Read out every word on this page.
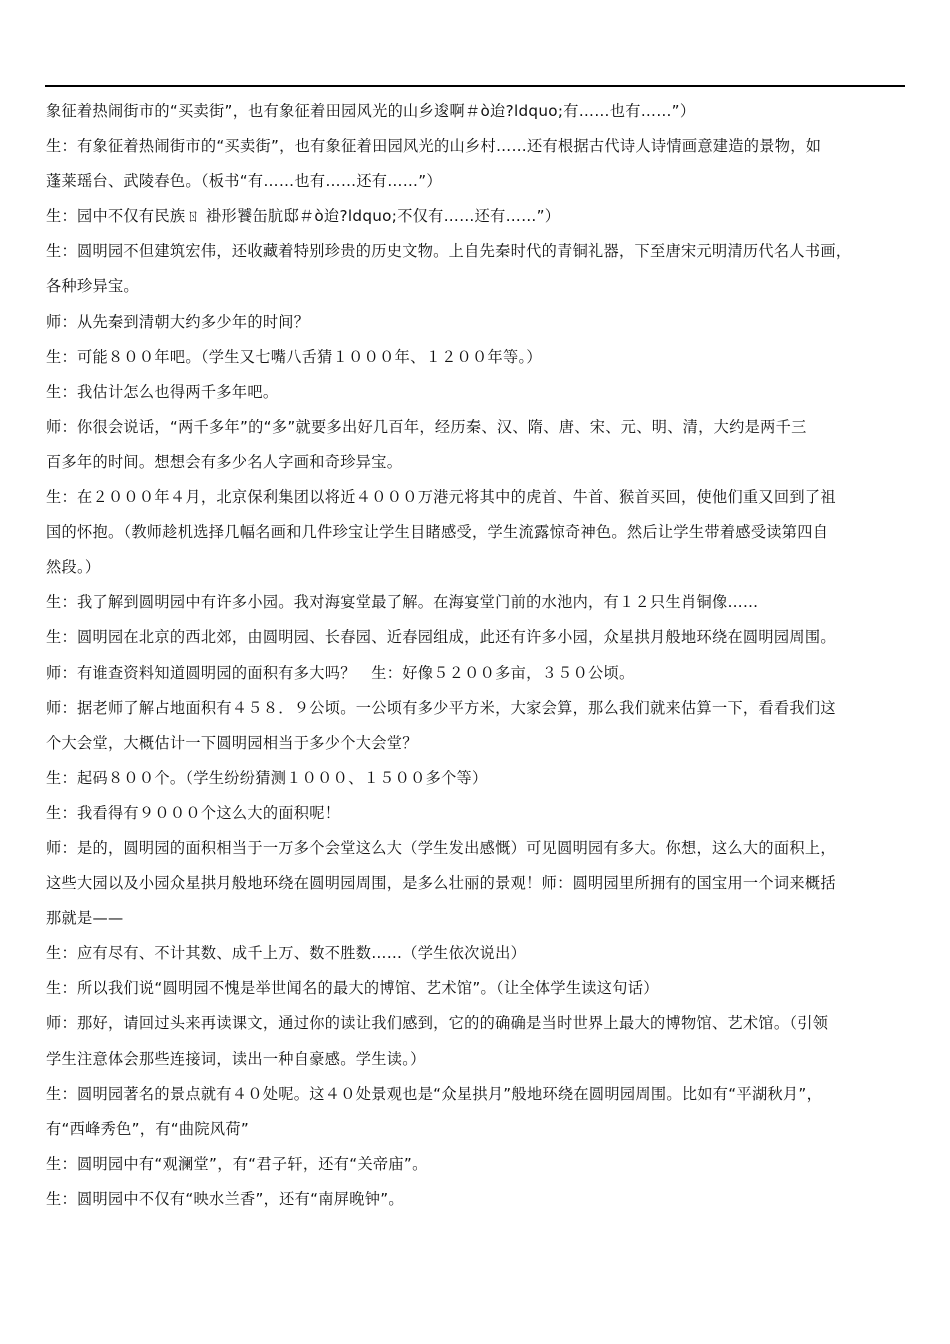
象征着热闹街市的“买卖街”，也有象征着田园风光的山乡逡啊＃ò迨?ldquo;有……也有……”）
生：有象征着热闹街市的“买卖街”，也有象征着田园风光的山乡村……还有根据古代诗人诗情画意建造的景物，如
蓬莱瑶台、武陵春色。（板书“有……也有……还有……”）
生：园中不仅有民族ㄖ 褂形饕缶肮邸＃ò迨?ldquo;不仅有……还有……”）
生：圆明园不但建筑宏伟，还收藏着特别珍贵的历史文物。上自先秦时代的青铜礼器，下至唐宋元明清历代名人书画，
各种珍异宝。
师：从先秦到清朝大约多少年的时间？
生：可能８００年吧。（学生又七嘴八舌猜１０００年、１２００年等。）
生：我估计怎么也得两千多年吧。
师：你很会说话，“两千多年”的“多”就要多出好几百年，经历秦、汉、隋、唐、宋、元、明、清，大约是两千三
百多年的时间。想想会有多少名人字画和奇珍异宝。
生：在２０００年４月，北京保利集团以将近４０００万港元将其中的虎首、牛首、猴首买回，使他们重又回到了祖
国的怀抱。（教师趁机选择几幅名画和几件珍宝让学生目睹感受，学生流露惊奇神色。然后让学生带着感受读第四自
然段。）
生：我了解到圆明园中有许多小园。我对海宴堂最了解。在海宴堂门前的水池内，有１２只生肖铜像……
生：圆明园在北京的西北郊，由圆明园、长春园、近春园组成，此还有许多小园，众星拱月般地环绕在圆明园周围。
师：有谁查资料知道圆明园的面积有多大吗？　生：好像５２００多亩，３５０公顷。
师：据老师了解占地面积有４５８．９公顷。一公顷有多少平方米，大家会算，那么我们就来估算一下，看看我们这
个大会堂，大概估计一下圆明园相当于多少个大会堂？
生：起码８００个。（学生纷纷猜测１０００、１５００多个等）
生：我看得有９０００个这么大的面积呢！
师：是的，圆明园的面积相当于一万多个会堂这么大（学生发出感慨）可见圆明园有多大。你想，这么大的面积上，
这些大园以及小园众星拱月般地环绕在圆明园周围，是多么壮丽的景观！师：圆明园里所拥有的国宝用一个词来概括
那就是——
生：应有尽有、不计其数、成千上万、数不胜数……（学生依次说出）
生：所以我们说“圆明园不愧是举世闻名的最大的博馆、艺术馆”。（让全体学生读这句话）
师：那好，请回过头来再读课文，通过你的读让我们感到，它的的确确是当时世界上最大的博物馆、艺术馆。（引领
学生注意体会那些连接词，读出一种自豪感。学生读。）
生：圆明园著名的景点就有４０处呢。这４０处景观也是“众星拱月”般地环绕在圆明园周围。比如有“平湖秋月”，
有“西峰秀色”，有“曲院风荷”
生：圆明园中有“观澜堂”，有“君子轩，还有“关帝庙”。
生：圆明园中不仅有“映水兰香”，还有“南屏晚钟”。
